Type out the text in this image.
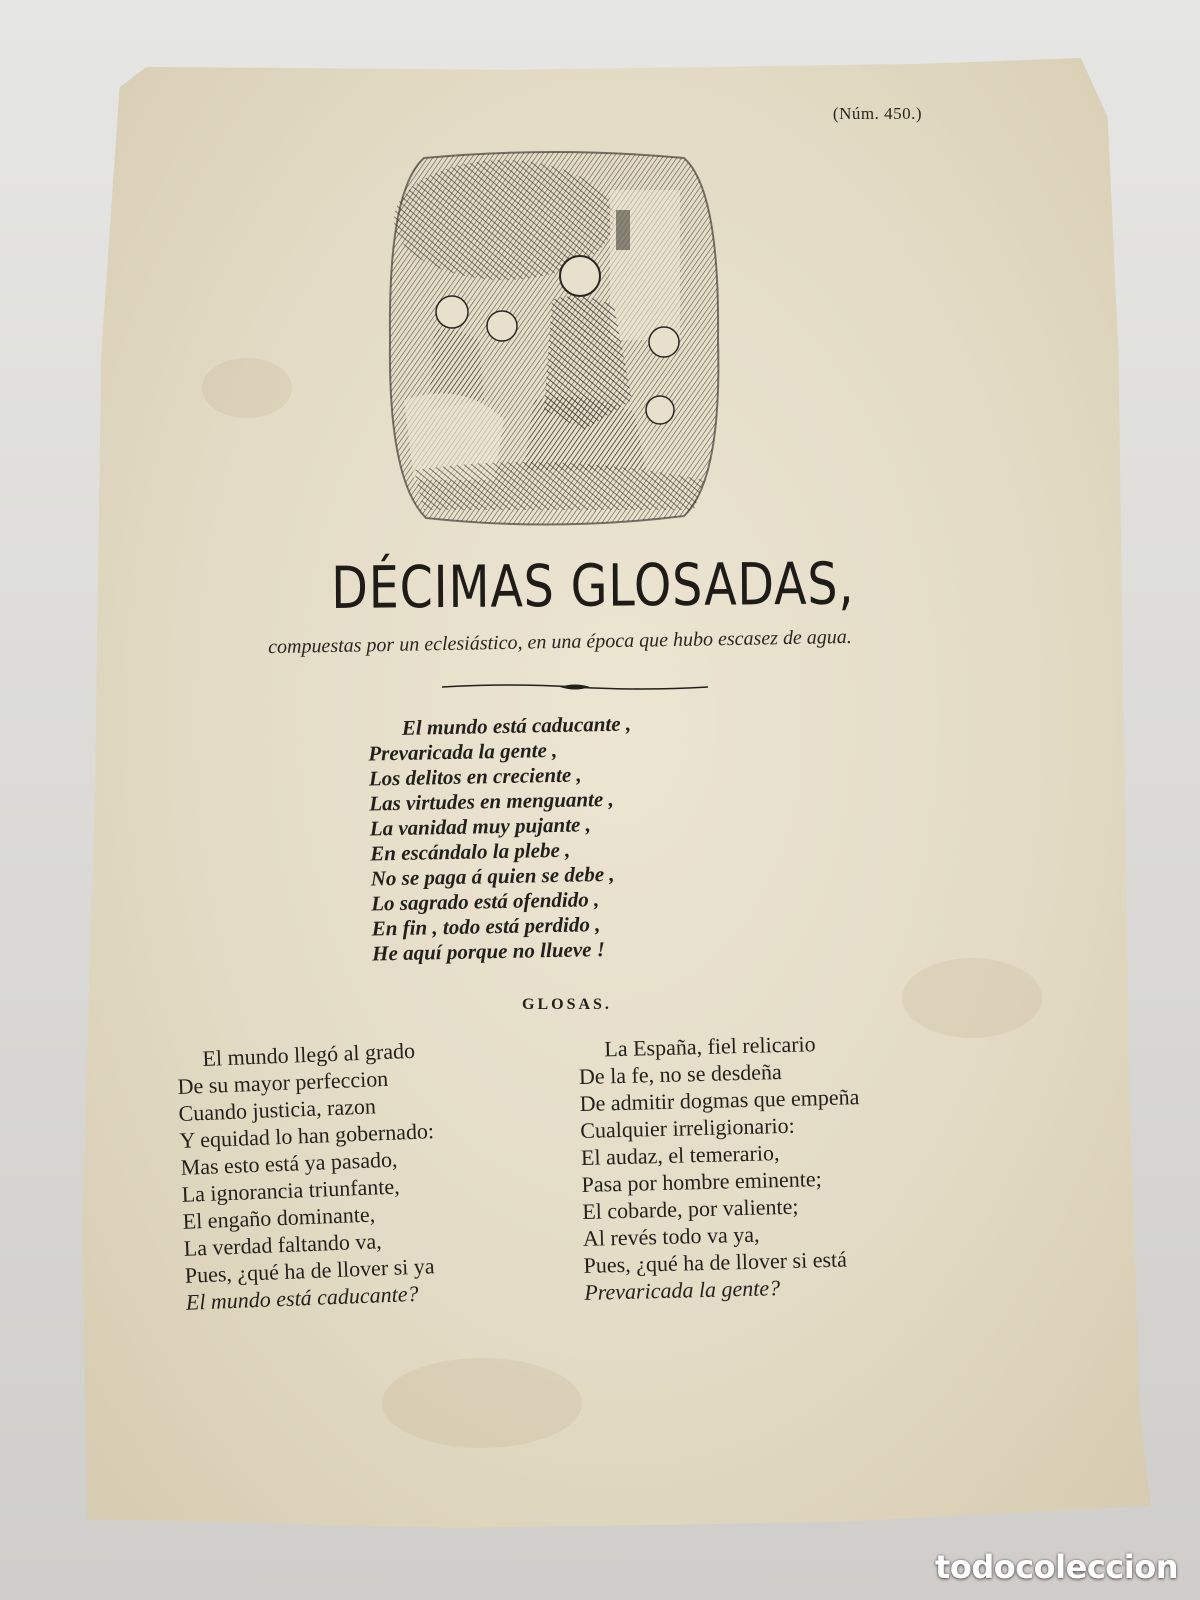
(Núm. 450.)
DÉCIMAS GLOSADAS,
compuestas por un eclesiástico, en una época que hubo escasez de agua.
El mundo está caducante ,
Prevaricada la gente ,
Los delitos en creciente ,
Las virtudes en menguante ,
La vanidad muy pujante ,
En escándalo la plebe ,
No se paga á quien se debe ,
Lo sagrado está ofendido ,
En fin , todo está perdido ,
He aquí porque no llueve !
GLOSAS.
El mundo llegó al grado
De su mayor perfeccion
Cuando justicia, razon
Y equidad lo han gobernado:
Mas esto está ya pasado,
La ignorancia triunfante,
El engaño dominante,
La verdad faltando va,
Pues, ¿qué ha de llover si ya
El mundo está caducante?
La España, fiel relicario
De la fe, no se desdeña
De admitir dogmas que empeña
Cualquier irreligionario:
El audaz, el temerario,
Pasa por hombre eminente;
El cobarde, por valiente;
Al revés todo va ya,
Pues, ¿qué ha de llover si está
Prevaricada la gente?
todocoleccion
